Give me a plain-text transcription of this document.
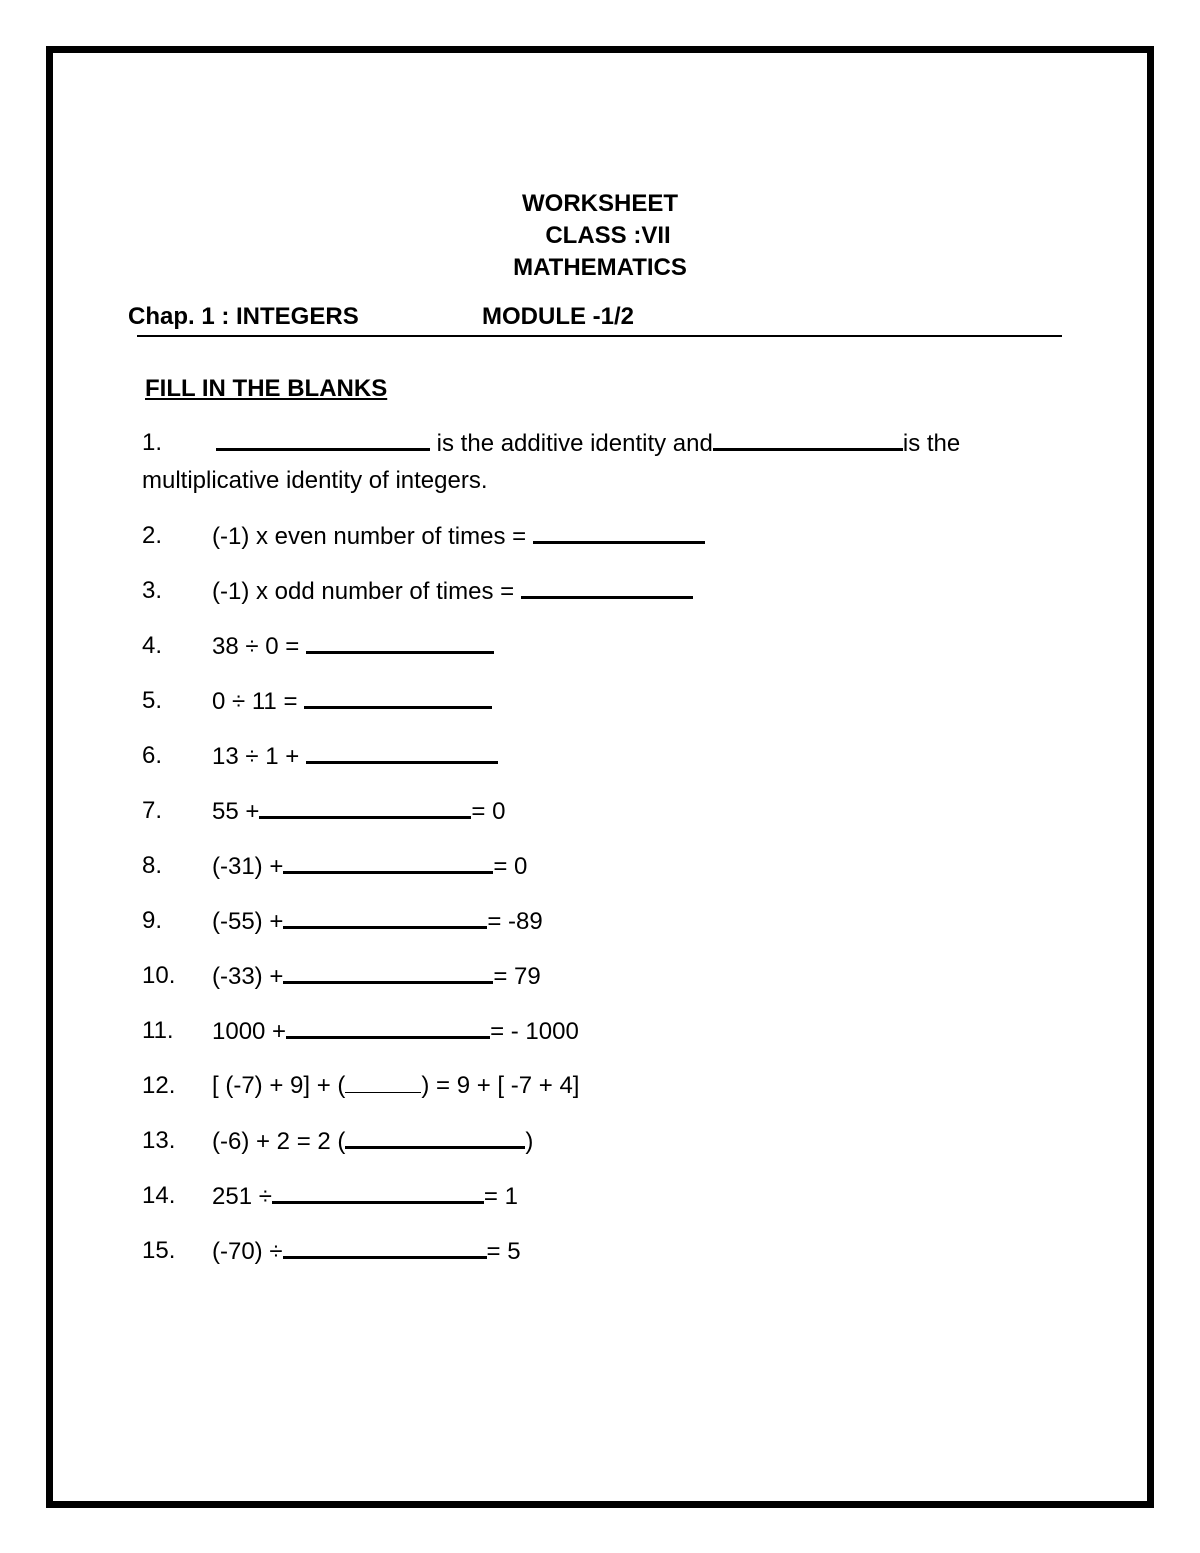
WORKSHEET
CLASS :VII
MATHEMATICS
Chap. 1 : INTEGERS	MODULE -1/2
FILL IN THE BLANKS
1.	is the additive identity and	is the
multiplicative identity of integers.
2. (-1) x even number of times =
3. (-1) x odd number of times =
4. 38 ÷ 0 =
5. 0 ÷ 11 =
6. 13 ÷ 1 +
7. 55 +	= 0
8. (-31) +	= 0
9. (-55) +	= -89
10. (-33) +	= 79
11. 1000 +	= - 1000
12. [ (-7) + 9] + (	) = 9 + [ -7 + 4]
13. (-6) + 2 = 2 (	)
14. 251 ÷	= 1
15. (-70) ÷	= 5
